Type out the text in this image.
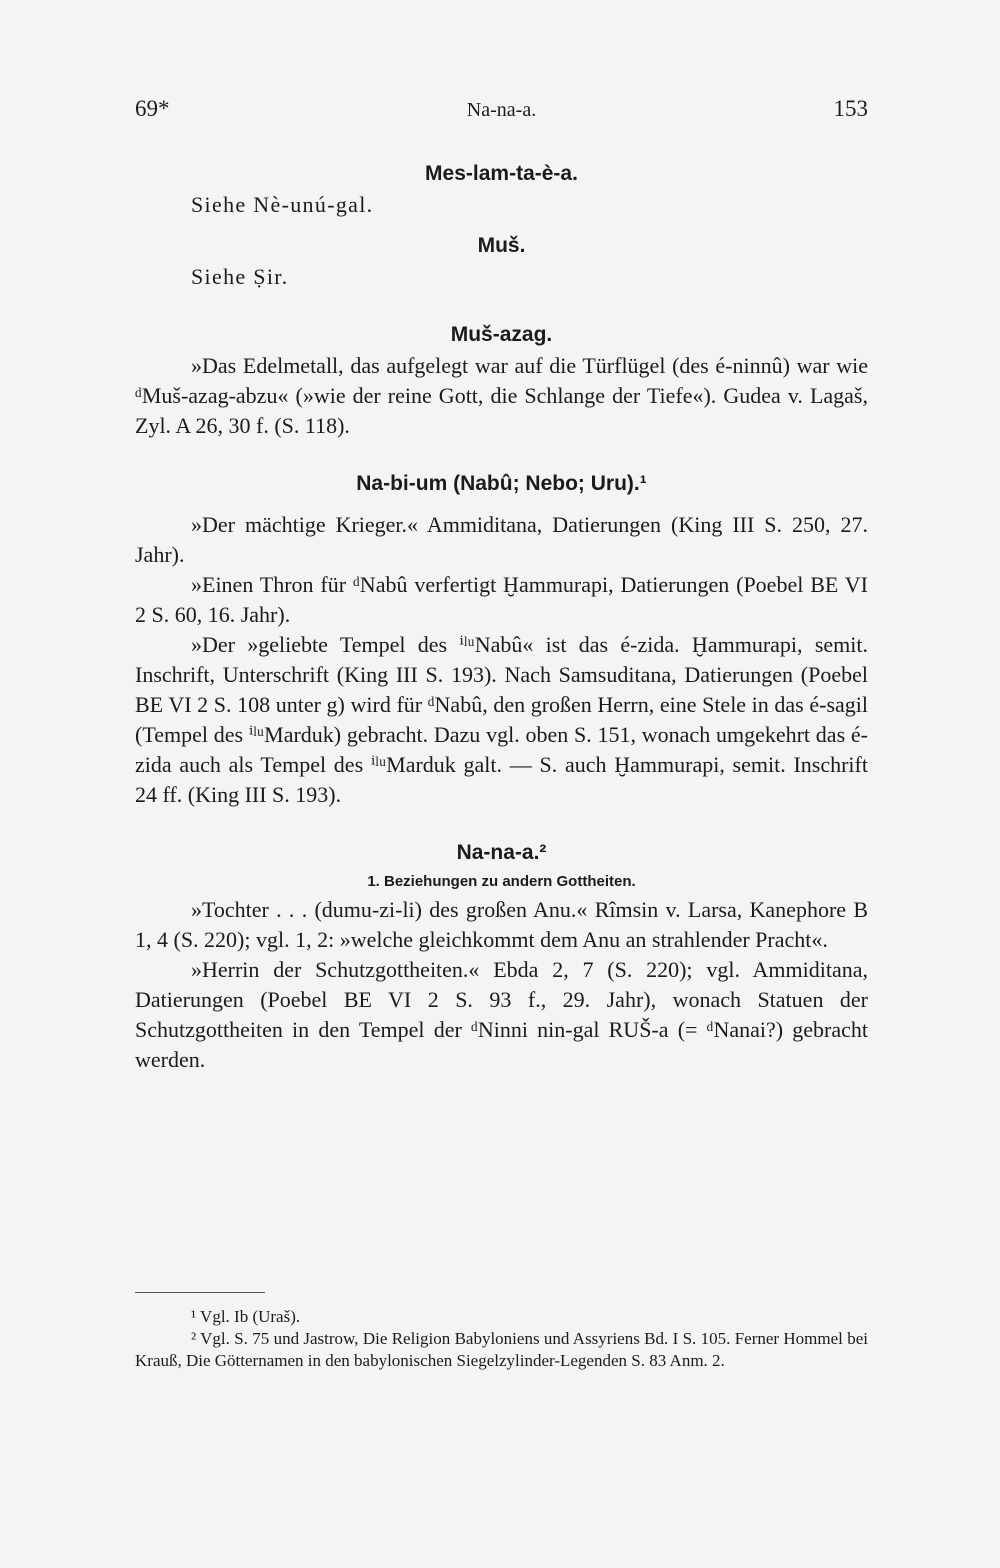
69*	Na-na-a.	153
Mes-lam-ta-è-a.
Siehe Nè-unú-gal.
Muš.
Siehe Ṣir.
Muš-azag.

»Das Edelmetall, das aufgelegt war auf die Türflügel (des é-ninnû) war wie ᵈMuš-azag-abzu« (»wie der reine Gott, die Schlange der Tiefe«). Gudea v. Lagaš, Zyl. A 26, 30 f. (S. 118).

Na-bi-um (Nabû; Nebo; Uru).¹

»Der mächtige Krieger.« Ammiditana, Datierungen (King III S. 250, 27. Jahr).

»Einen Thron für ᵈNabû verfertigt Ḫammurapi, Datierungen (Poebel BE VI 2 S. 60, 16. Jahr).

»Der »geliebte Tempel des ⁱˡᵘNabû« ist das é-zida. Ḫammurapi, semit. Inschrift, Unterschrift (King III S. 193). Nach Samsuditana, Datierungen (Poebel BE VI 2 S. 108 unter g) wird für ᵈNabû, den großen Herrn, eine Stele in das é-sagil (Tempel des ⁱˡᵘMarduk) gebracht. Dazu vgl. oben S. 151, wonach umgekehrt das é-zida auch als Tempel des ⁱˡᵘMarduk galt. — S. auch Ḫammurapi, semit. Inschrift 24 ff. (King III S. 193).

Na-na-a.²
1. Beziehungen zu andern Gottheiten.

»Tochter . . . (dumu-zi-li) des großen Anu.« Rîmsin v. Larsa, Kanephore B 1, 4 (S. 220); vgl. 1, 2: »welche gleichkommt dem Anu an strahlender Pracht«.

»Herrin der Schutzgottheiten.« Ebda 2, 7 (S. 220); vgl. Ammiditana, Datierungen (Poebel BE VI 2 S. 93 f., 29. Jahr), wonach Statuen der Schutzgottheiten in den Tempel der ᵈNinni nin-gal RUŠ-a (= ᵈNanai?) gebracht werden.

¹ Vgl. Ib (Uraš).

² Vgl. S. 75 und Jastrow, Die Religion Babyloniens und Assyriens Bd. I S. 105. Ferner Hommel bei Krauß, Die Götternamen in den babylonischen Siegelzylinder-Legenden S. 83 Anm. 2.
